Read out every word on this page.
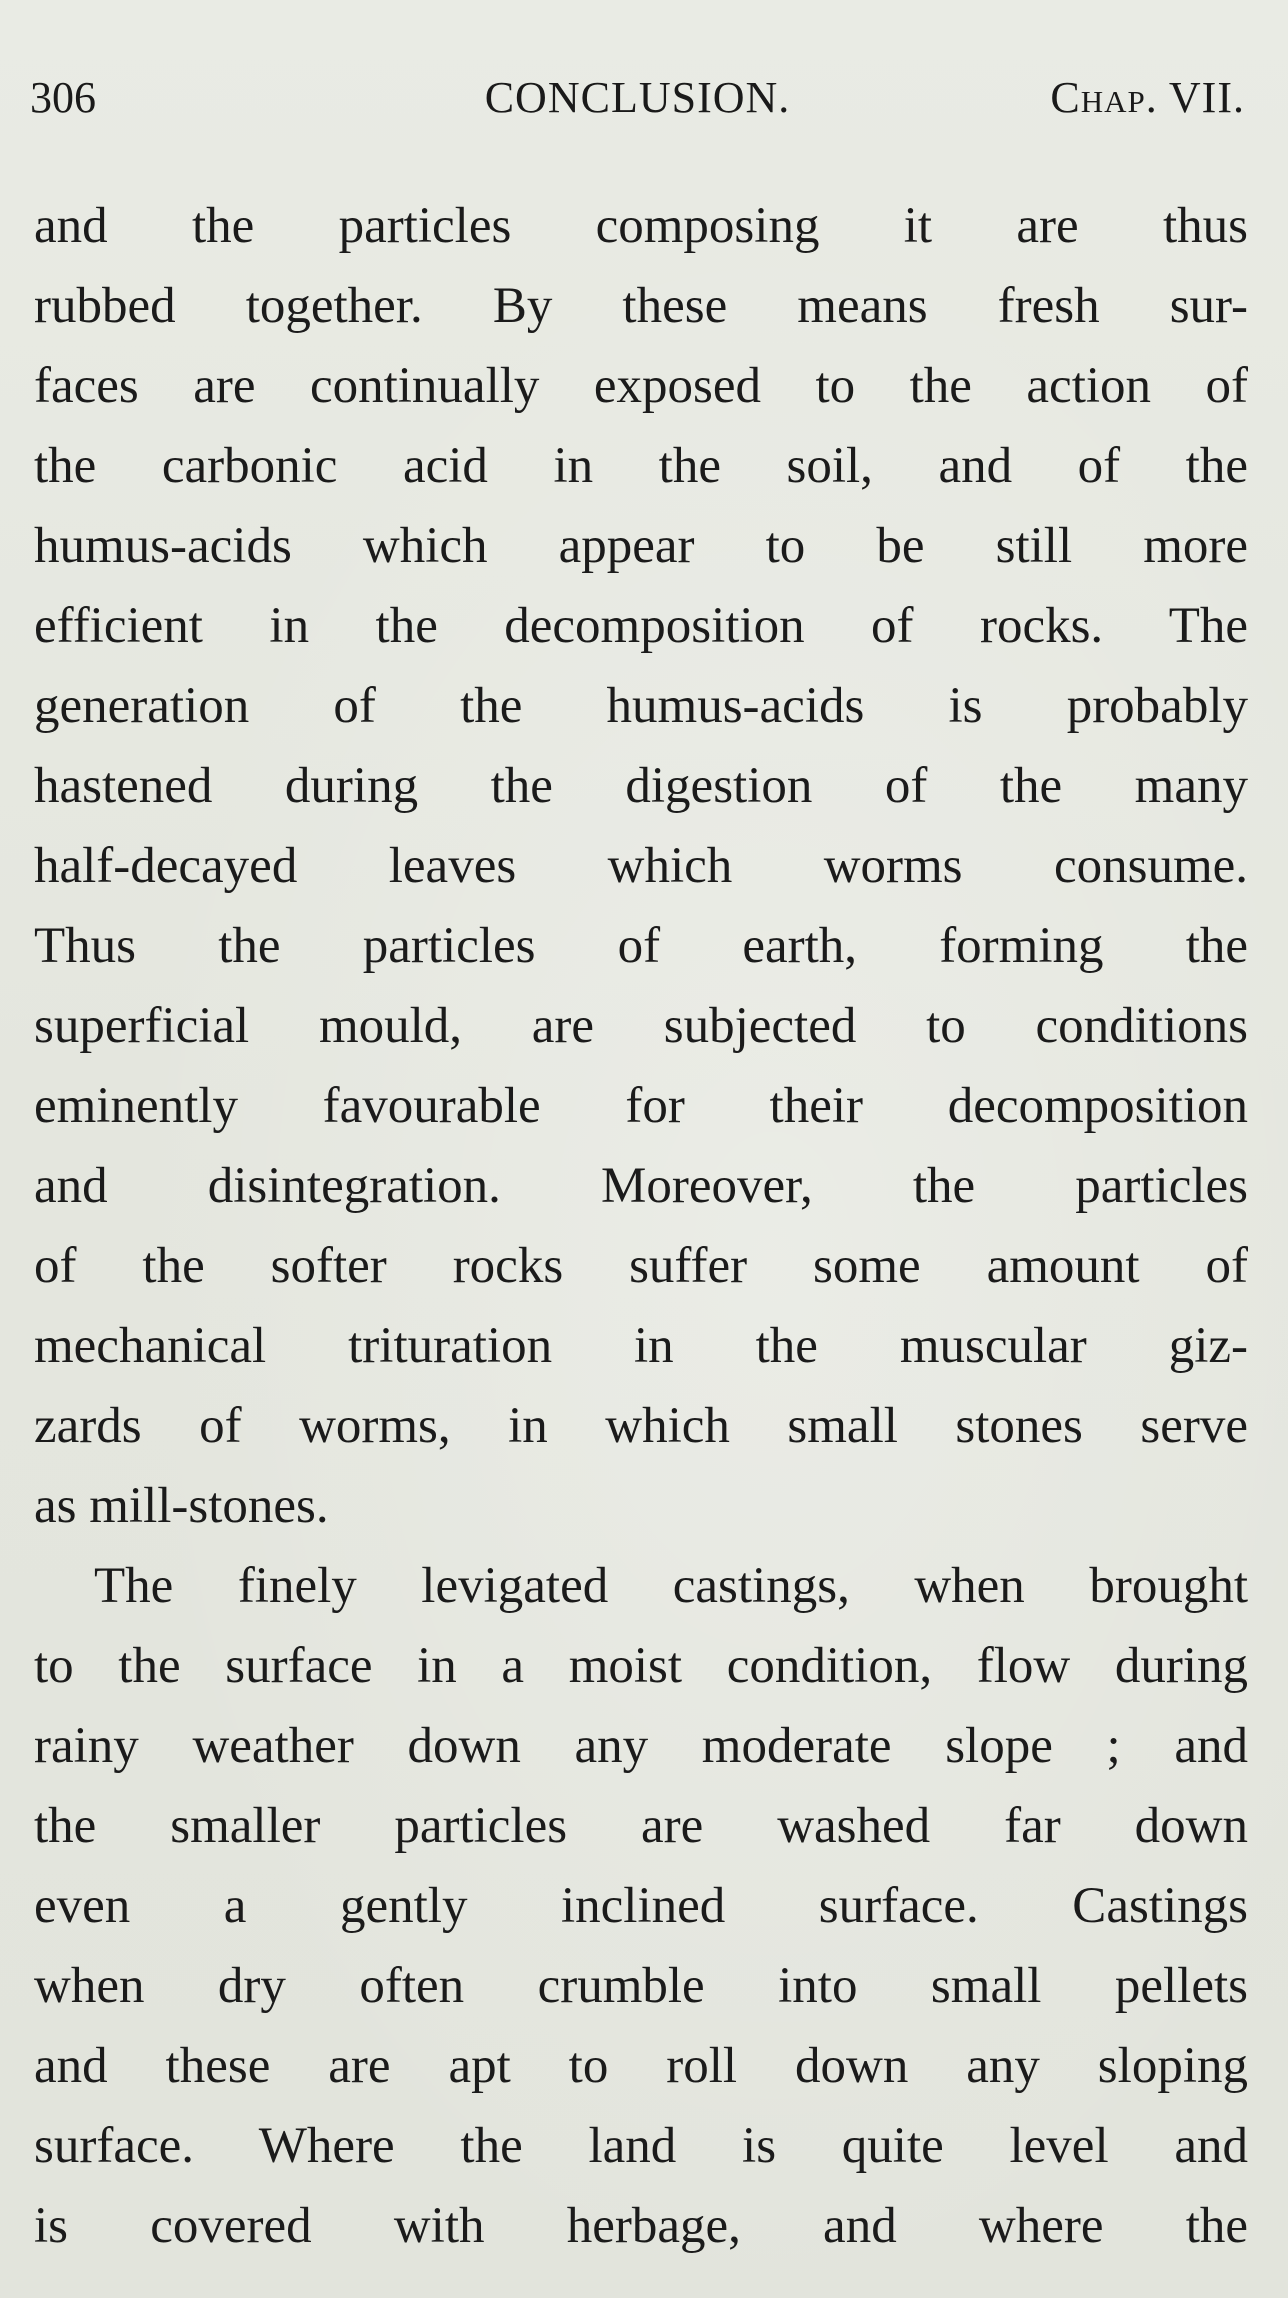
306	CONCLUSION.	Chap. VII.
and the particles composing it are thus
rubbed together. By these means fresh sur-
faces are continually exposed to the action of
the carbonic acid in the soil, and of the
humus-acids which appear to be still more
efficient in the decomposition of rocks. The
generation of the humus-acids is probably
hastened during the digestion of the many
half-decayed leaves which worms consume.
Thus the particles of earth, forming the
superficial mould, are subjected to conditions
eminently favourable for their decomposition
and disintegration. Moreover, the particles
of the softer rocks suffer some amount of
mechanical trituration in the muscular giz-
zards of worms, in which small stones serve
as mill-stones.
The finely levigated castings, when brought
to the surface in a moist condition, flow during
rainy weather down any moderate slope ; and
the smaller particles are washed far down
even a gently inclined surface. Castings
when dry often crumble into small pellets
and these are apt to roll down any sloping
surface. Where the land is quite level and
is covered with herbage, and where the
